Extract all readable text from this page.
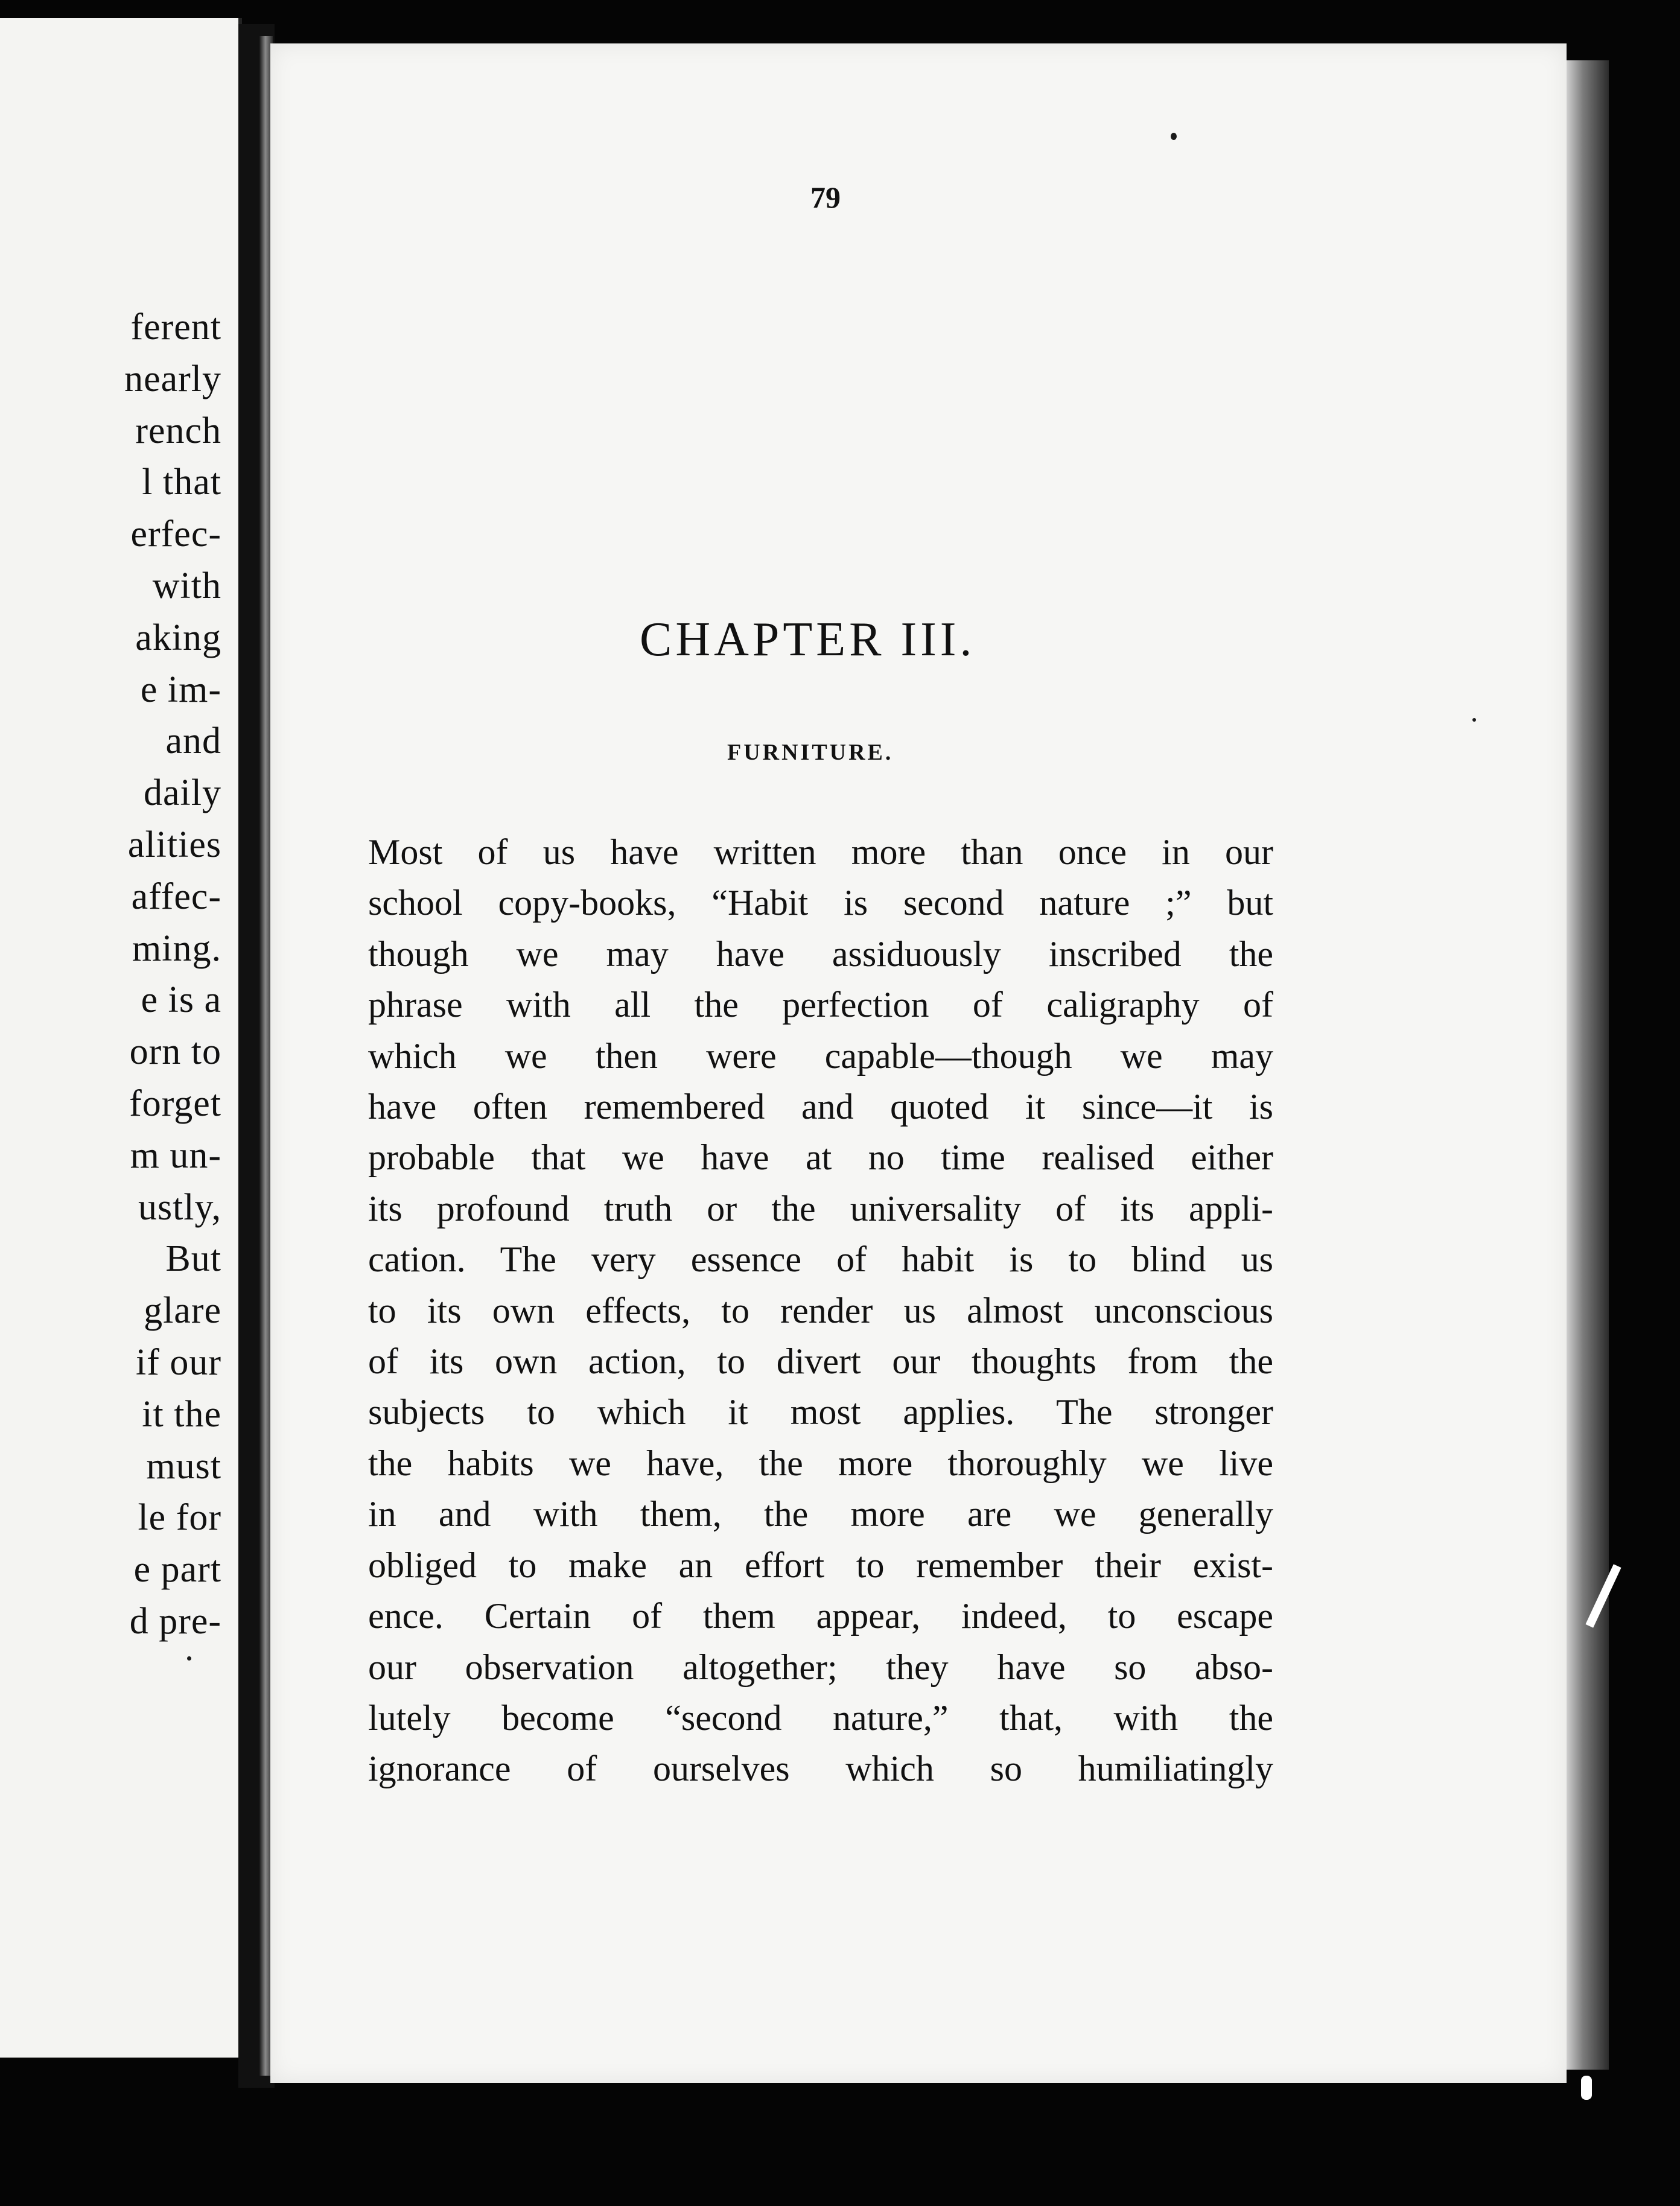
ferent
nearly
rench
l that
erfec-
with
aking
e im-
and
daily
alities
affec-
ming.
e is a
orn to
forget
m un-
ustly,
But
glare
if our
it the
must
le for
e part
d pre-
79
CHAPTER III.
FURNITURE.
Most of us have written more than once in our
school copy-books, “Habit is second nature ;” but
though we may have assiduously inscribed the
phrase with all the perfection of caligraphy of
which we then were capable—though we may
have often remembered and quoted it since—it is
probable that we have at no time realised either
its profound truth or the universality of its appli-
cation. The very essence of habit is to blind us
to its own effects, to render us almost unconscious
of its own action, to divert our thoughts from the
subjects to which it most applies. The stronger
the habits we have, the more thoroughly we live
in and with them, the more are we generally
obliged to make an effort to remember their exist-
ence. Certain of them appear, indeed, to escape
our observation altogether; they have so abso-
lutely become “second nature,” that, with the
ignorance of ourselves which so humiliatingly
